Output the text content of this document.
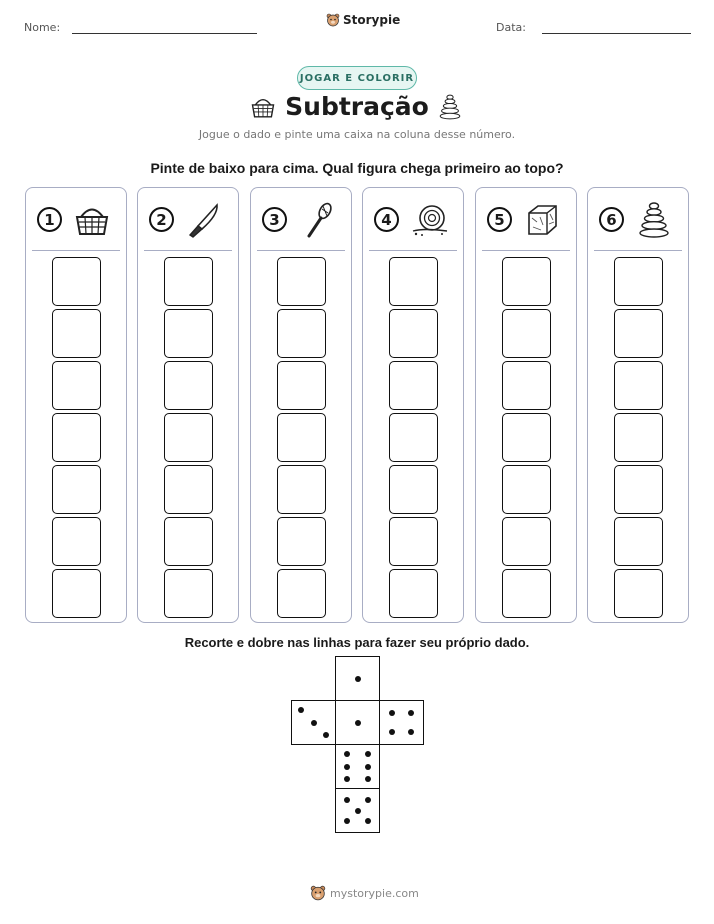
Nome:
Storypie
Data:
JOGAR E COLORIR
Subtração
Jogue o dado e pinte uma caixa na coluna desse número.
Pinte de baixo para cima. Qual figura chega primeiro ao topo?
1	2	3	4	5	6
Recorte e dobre nas linhas para fazer seu próprio dado.
mystorypie.com
